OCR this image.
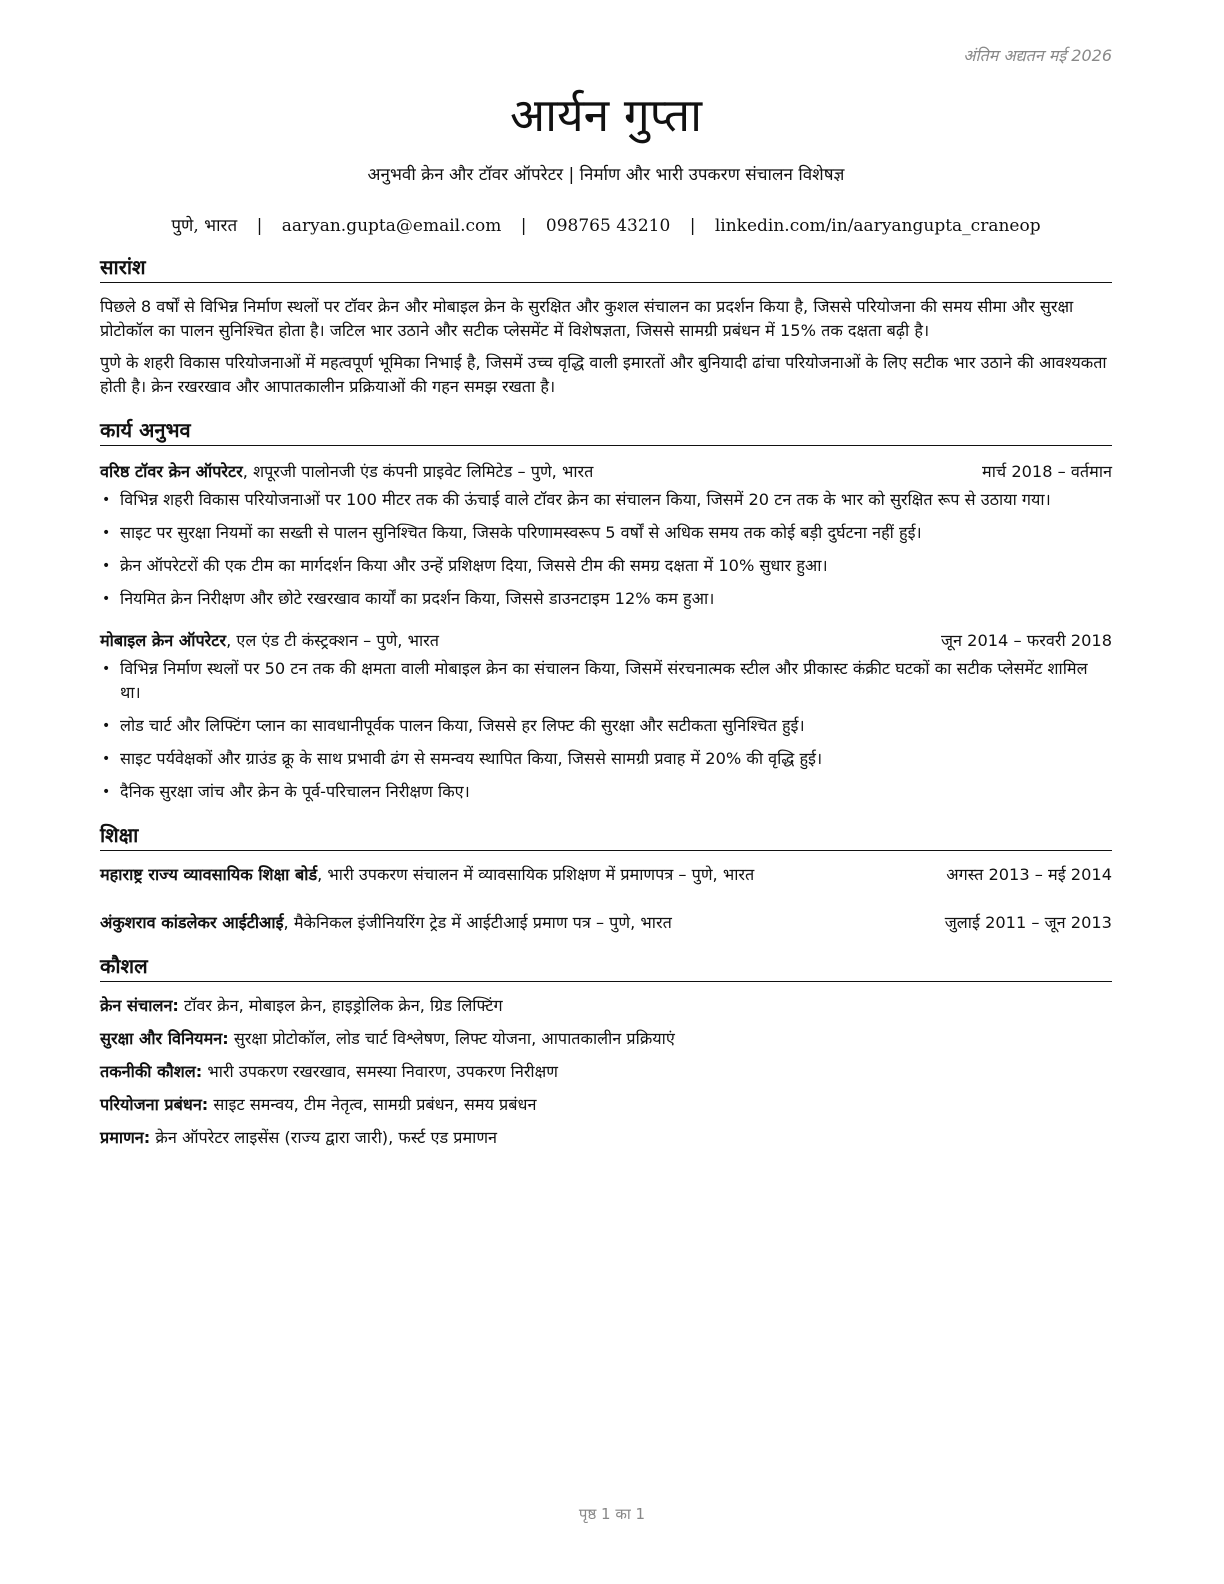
अंतिम अद्यतन मई 2026
आर्यन गुप्ता
अनुभवी क्रेन और टॉवर ऑपरेटर | निर्माण और भारी उपकरण संचालन विशेषज्ञ
पुणे, भारत | aaryan.gupta@email.com | 098765 43210 | linkedin.com/in/aaryangupta_craneop
सारांश

पिछले 8 वर्षों से विभिन्न निर्माण स्थलों पर टॉवर क्रेन और मोबाइल क्रेन के सुरक्षित और कुशल संचालन का प्रदर्शन किया है, जिससे परियोजना की समय सीमा और सुरक्षा प्रोटोकॉल का पालन सुनिश्चित होता है। जटिल भार उठाने और सटीक प्लेसमेंट में विशेषज्ञता, जिससे सामग्री प्रबंधन में 15% तक दक्षता बढ़ी है।

पुणे के शहरी विकास परियोजनाओं में महत्वपूर्ण भूमिका निभाई है, जिसमें उच्च वृद्धि वाली इमारतों और बुनियादी ढांचा परियोजनाओं के लिए सटीक भार उठाने की आवश्यकता होती है। क्रेन रखरखाव और आपातकालीन प्रक्रियाओं की गहन समझ रखता है।

कार्य अनुभव
वरिष्ठ टॉवर क्रेन ऑपरेटर, शपूरजी पालोनजी एंड कंपनी प्राइवेट लिमिटेड – पुणे, भारत	मार्च 2018 – वर्तमान
• विभिन्न शहरी विकास परियोजनाओं पर 100 मीटर तक की ऊंचाई वाले टॉवर क्रेन का संचालन किया, जिसमें 20 टन तक के भार को सुरक्षित रूप से उठाया गया।
• साइट पर सुरक्षा नियमों का सख्ती से पालन सुनिश्चित किया, जिसके परिणामस्वरूप 5 वर्षों से अधिक समय तक कोई बड़ी दुर्घटना नहीं हुई।
• क्रेन ऑपरेटरों की एक टीम का मार्गदर्शन किया और उन्हें प्रशिक्षण दिया, जिससे टीम की समग्र दक्षता में 10% सुधार हुआ।
• नियमित क्रेन निरीक्षण और छोटे रखरखाव कार्यों का प्रदर्शन किया, जिससे डाउनटाइम 12% कम हुआ।
मोबाइल क्रेन ऑपरेटर, एल एंड टी कंस्ट्रक्शन – पुणे, भारत	जून 2014 – फरवरी 2018
• विभिन्न निर्माण स्थलों पर 50 टन तक की क्षमता वाली मोबाइल क्रेन का संचालन किया, जिसमें संरचनात्मक स्टील और प्रीकास्ट कंक्रीट घटकों का सटीक प्लेसमेंट शामिल था।
• लोड चार्ट और लिफ्टिंग प्लान का सावधानीपूर्वक पालन किया, जिससे हर लिफ्ट की सुरक्षा और सटीकता सुनिश्चित हुई।
• साइट पर्यवेक्षकों और ग्राउंड क्रू के साथ प्रभावी ढंग से समन्वय स्थापित किया, जिससे सामग्री प्रवाह में 20% की वृद्धि हुई।
• दैनिक सुरक्षा जांच और क्रेन के पूर्व-परिचालन निरीक्षण किए।
शिक्षा
महाराष्ट्र राज्य व्यावसायिक शिक्षा बोर्ड, भारी उपकरण संचालन में व्यावसायिक प्रशिक्षण में प्रमाणपत्र – पुणे, भारत	अगस्त 2013 – मई 2014
अंकुशराव कांडलेकर आईटीआई, मैकेनिकल इंजीनियरिंग ट्रेड में आईटीआई प्रमाण पत्र – पुणे, भारत	जुलाई 2011 – जून 2013
कौशल
क्रेन संचालन: टॉवर क्रेन, मोबाइल क्रेन, हाइड्रोलिक क्रेन, ग्रिड लिफ्टिंग
सुरक्षा और विनियमन: सुरक्षा प्रोटोकॉल, लोड चार्ट विश्लेषण, लिफ्ट योजना, आपातकालीन प्रक्रियाएं
तकनीकी कौशल: भारी उपकरण रखरखाव, समस्या निवारण, उपकरण निरीक्षण
परियोजना प्रबंधन: साइट समन्वय, टीम नेतृत्व, सामग्री प्रबंधन, समय प्रबंधन
प्रमाणन: क्रेन ऑपरेटर लाइसेंस (राज्य द्वारा जारी), फर्स्ट एड प्रमाणन
पृष्ठ 1 का 1
